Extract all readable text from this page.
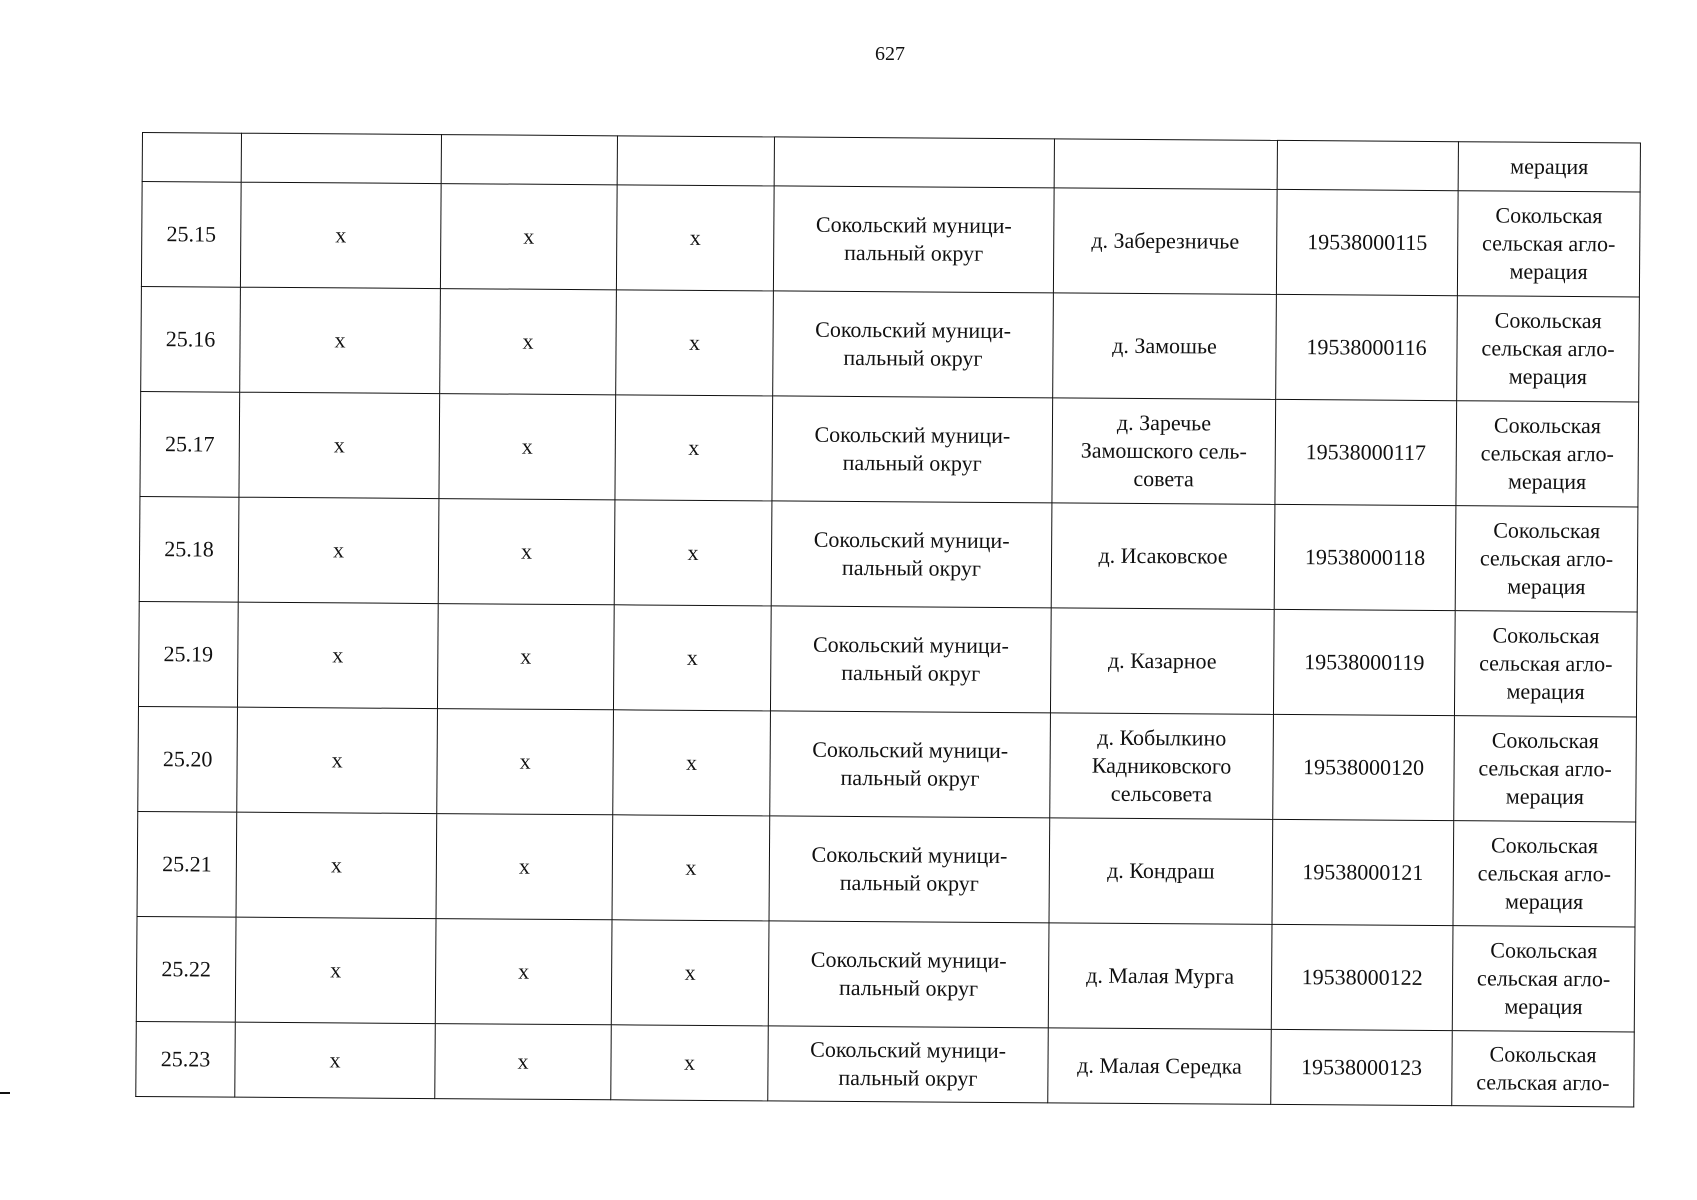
627
							мерация
25.15	х	х	х	Сокольский муници-
пальный округ	д. Заберезничье	19538000115	Сокольская
сельская агло-
мерация
25.16	х	х	х	Сокольский муници-
пальный округ	д. Замошье	19538000116	Сокольская
сельская агло-
мерация
25.17	х	х	х	Сокольский муници-
пальный округ	д. Заречье
Замошского сель-
совета	19538000117	Сокольская
сельская агло-
мерация
25.18	х	х	х	Сокольский муници-
пальный округ	д. Исаковское	19538000118	Сокольская
сельская агло-
мерация
25.19	х	х	х	Сокольский муници-
пальный округ	д. Казарное	19538000119	Сокольская
сельская агло-
мерация
25.20	х	х	х	Сокольский муници-
пальный округ	д. Кобылкино
Кадниковского
сельсовета	19538000120	Сокольская
сельская агло-
мерация
25.21	х	х	х	Сокольский муници-
пальный округ	д. Кондраш	19538000121	Сокольская
сельская агло-
мерация
25.22	х	х	х	Сокольский муници-
пальный округ	д. Малая Мурга	19538000122	Сокольская
сельская агло-
мерация
25.23	х	х	х	Сокольский муници-
пальный округ	д. Малая Середка	19538000123	Сокольская
сельская агло-
